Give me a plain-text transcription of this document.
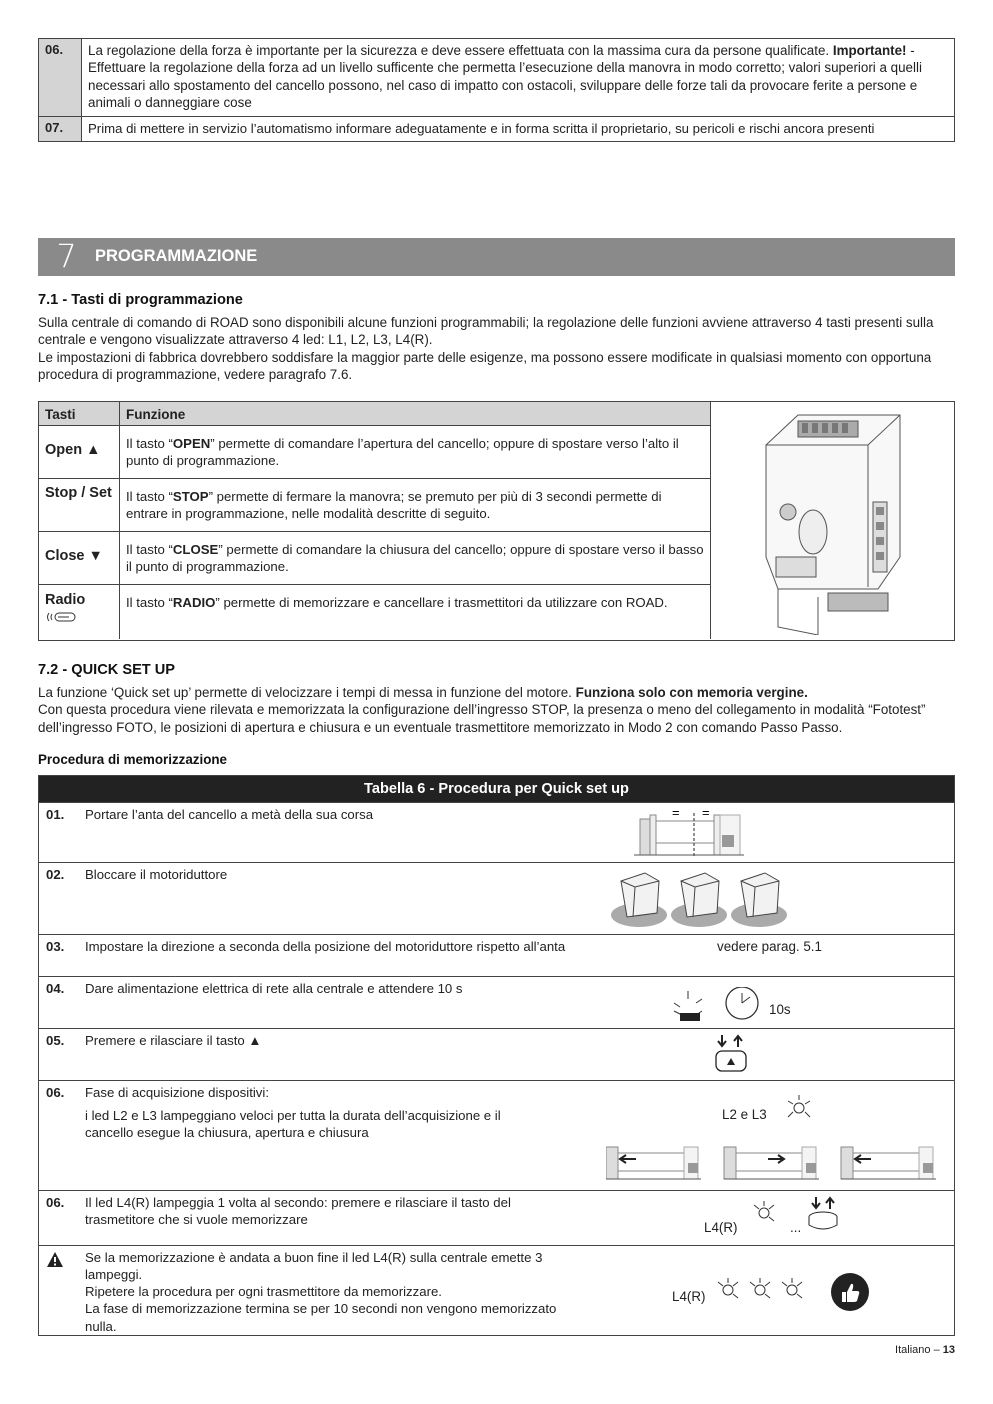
06.	La regolazione della forza è importante per la sicurezza e deve essere effettuata con la massima cura da persone qualificate. Importante! - Effettuare la regolazione della forza ad un livello sufficente che permetta l’esecuzione della manovra in modo corretto; valori superiori a quelli necessari allo spostamento del cancello possono, nel caso di impatto con ostacoli, sviluppare delle forze tali da provocare ferite a persone e animali o danneggiare cose
07.	Prima di mettere in servizio l’automatismo informare adeguatamente e in forma scritta il proprietario, su pericoli e rischi ancora presenti
7	PROGRAMMAZIONE
7.1 - Tasti di programmazione
Sulla centrale di comando di ROAD sono disponibili alcune funzioni programmabili; la regolazione delle funzioni avviene attraverso 4 tasti presenti sulla centrale e vengono visualizzate attraverso 4 led: L1, L2, L3, L4(R).
Le impostazioni di fabbrica dovrebbero soddisfare la maggior parte delle esigenze, ma possono essere modificate in qualsiasi momento con opportuna procedura di programmazione, vedere paragrafo 7.6.
Tasti	Funzione
Open ▲	Il tasto “OPEN” permette di comandare l’apertura del cancello; oppure di spostare verso l’alto il punto di programmazione.
Stop / Set	Il tasto “STOP” permette di fermare la manovra; se premuto per più di 3 secondi permette di entrare in programmazione, nelle modalità descritte di seguito.
Close ▼	Il tasto “CLOSE” permette di comandare la chiusura del cancello; oppure di spostare verso il basso il punto di programmazione.
Radio	Il tasto “RADIO” permette di memorizzare e cancellare i trasmettitori da utilizzare con ROAD.
7.2 - QUICK SET UP
La funzione ‘Quick set up’ permette di velocizzare i tempi di messa in funzione del motore. Funziona solo con memoria vergine.
Con questa procedura viene rilevata e memorizzata la configurazione dell’ingresso STOP, la presenza o meno del collegamento in modalità “Fototest” dell’ingresso FOTO, le posizioni di apertura e chiusura e un eventuale trasmettitore memorizzato in Modo 2 con comando Passo Passo.
Procedura di memorizzazione
Tabella 6 - Procedura per Quick set up
01.	Portare l’anta del cancello a metà della sua corsa	= =
02.	Bloccare il motoriduttore
03.	Impostare la direzione a seconda della posizione del motoriduttore rispetto all’anta	vedere parag. 5.1
04.	Dare alimentazione elettrica di rete alla centrale e attendere 10 s
ON	10s
05.	Premere e rilasciare il tasto ▲
06.	Fase di acquisizione dispositivi:
i led L2 e L3 lampeggiano veloci per tutta la durata dell’acquisizione e il cancello esegue la chiusura, apertura e chiusura
L2 e L3
06.	Il led L4(R) lampeggia 1 volta al secondo: premere e rilasciare il tasto del trasmetitore che si vuole memorizzare
L4(R)	...
Se la memorizzazione è andata a buon fine il led L4(R) sulla centrale emette 3 lampeggi.
Ripetere la procedura per ogni trasmettitore da memorizzare.
La fase di memorizzazione termina se per 10 secondi non vengono memorizzato nulla.
L4(R)
Italiano – 13
